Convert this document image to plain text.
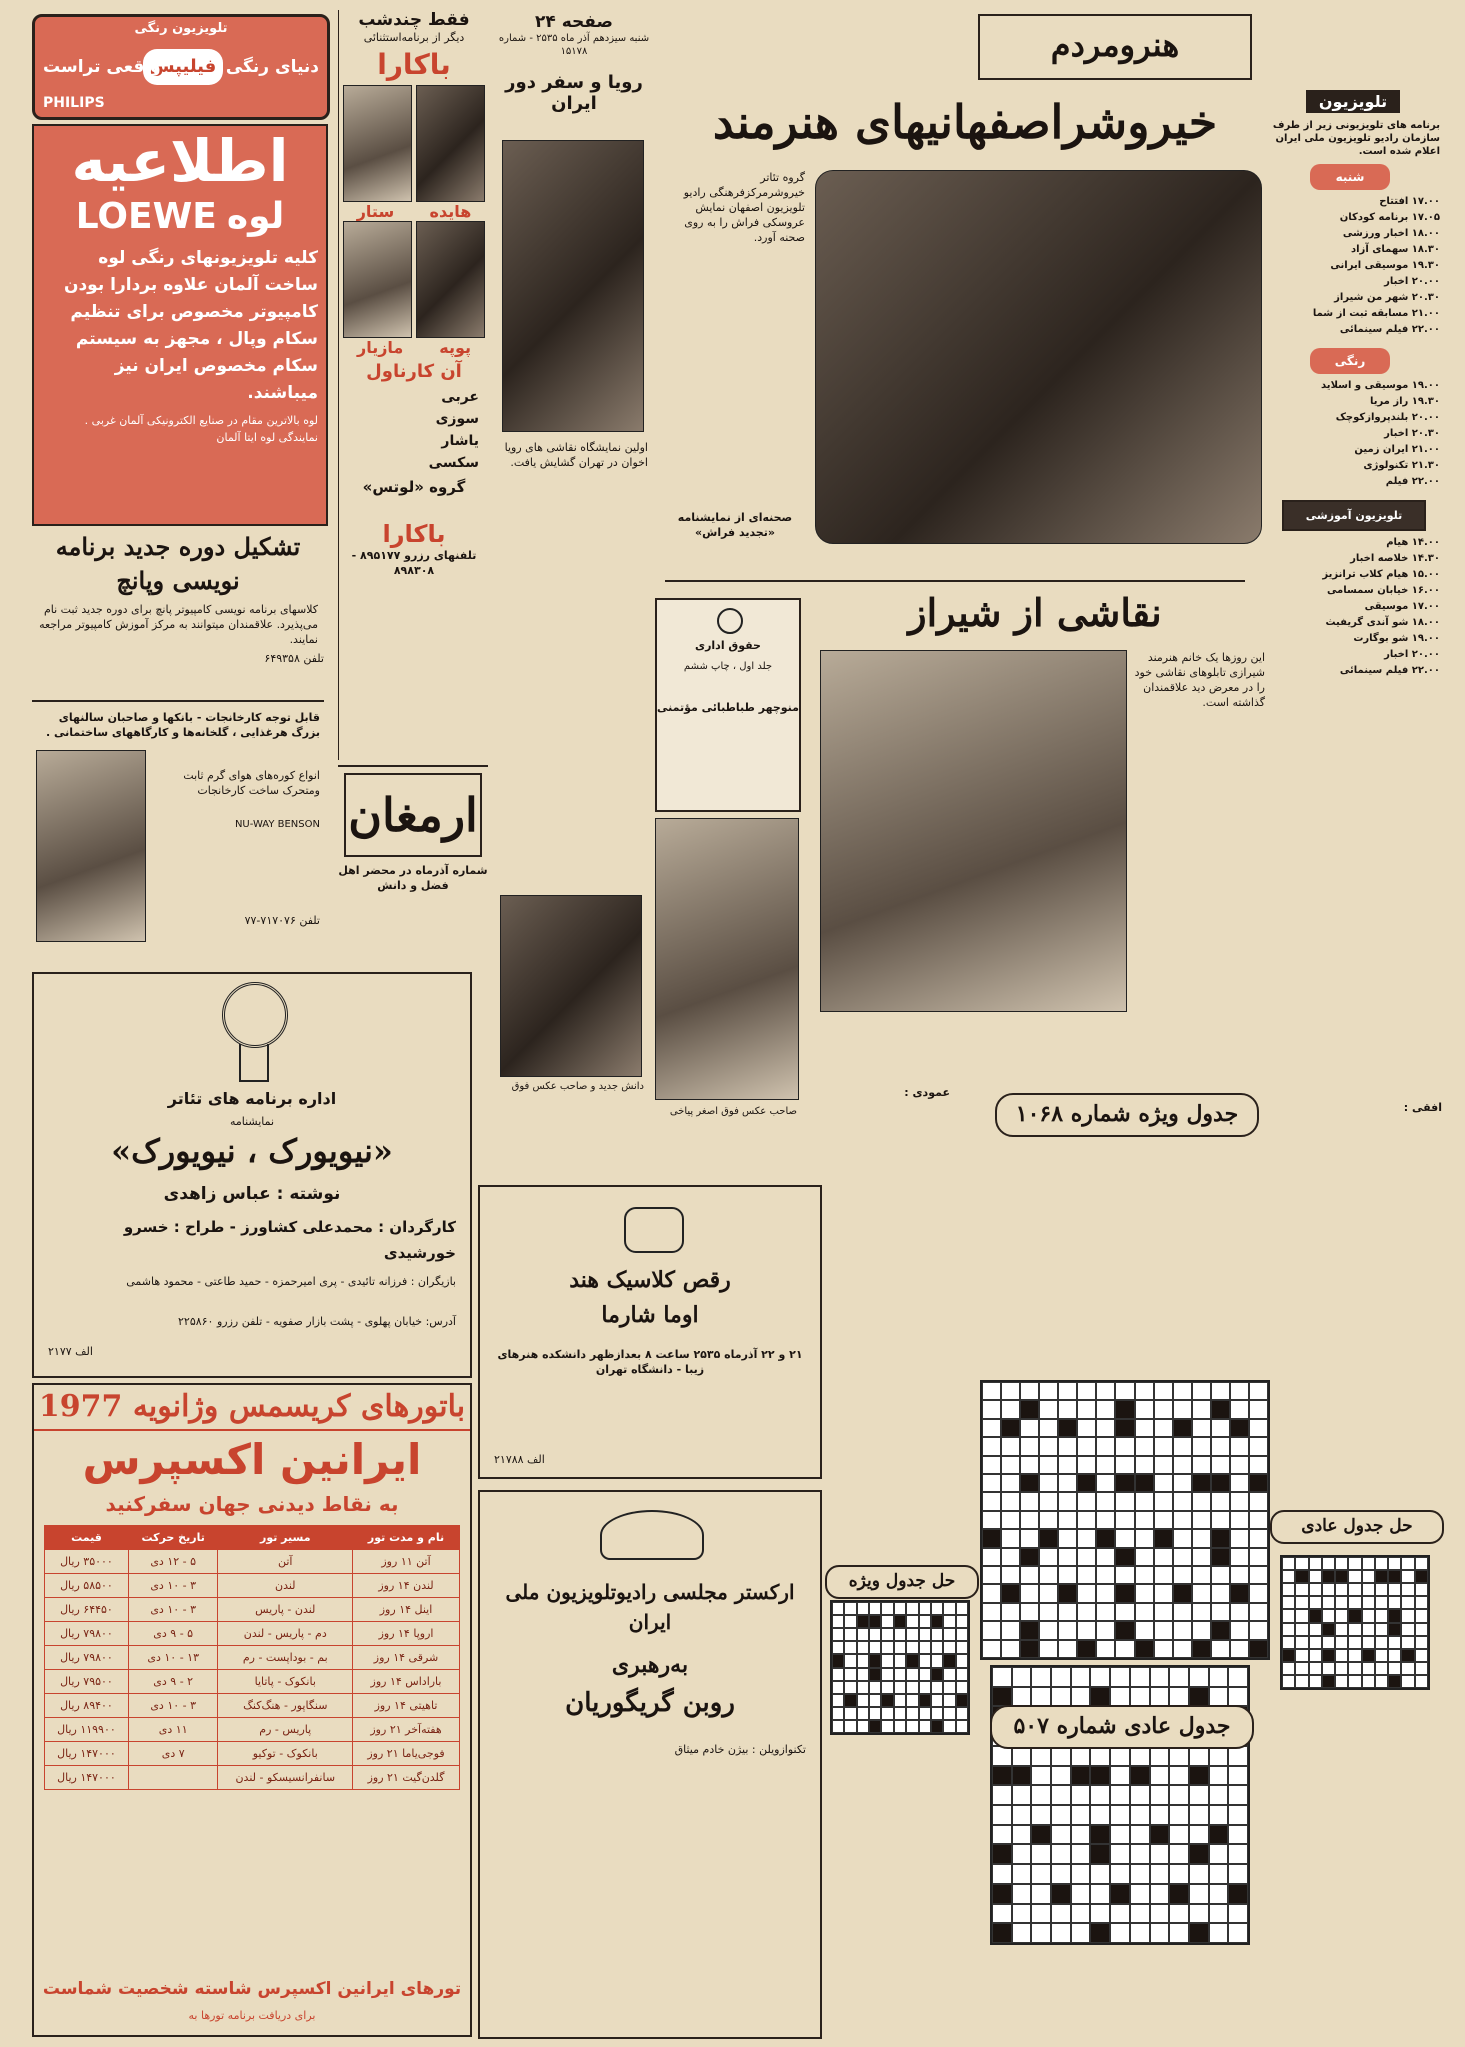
تلویزیون رنگی
دنیای رنگی
فیلیپس
واقعی تراست
PHILIPS
اطلاعیه
لوه
LOEWE
کلیه تلویزیونهای رنگی لوه ساخت آلمان علاوه بردارا بودن کامپیوتر مخصوص برای تنظیم سکام وپال ، مجهز به سیستم سکام مخصوص ایران نیز میباشند.
لوه بالاترین مقام در صنایع الکترونیکی آلمان غربی .
نمایندگی لوه ایتا آلمان
تشکیل دوره جدید برنامه نویسی وپانچ
کلاسهای برنامه نویسی کامپیوتر پانچ برای دوره جدید ثبت نام می‌پذیرد. علاقمندان میتوانند به مرکز آموزش کامپیوتر مراجعه نمایند.
تلفن ۶۴۹۳۵۸
قابل توجه کارخانجات - بانکها و صاحبان سالنهای بزرگ هرغذایی ، گلخانه‌ها و کارگاههای ساختمانی .
انواع کوره‌های هوای گرم ثابت ومتحرک ساخت کارخانجات
NU-WAY BENSON
تلفن ۷۱۷۰۷۶-۷۷
اداره برنامه های تئاتر
نمایشنامه
«نیویورک ، نیویورک»
نوشته : عباس زاهدی
کارگردان : محمدعلی کشاورز - طراح : خسرو خورشیدی
بازیگران : فرزانه تائیدی - پری امیرحمزه - حمید طاعتی - محمود هاشمی
آدرس: خیابان پهلوی - پشت بازار صفویه - تلفن رزرو ۲۲۵۸۶۰
الف ۲۱۷۷
باتورهای کریسمس وژانویه 1977
ایرانین اکسپرس
به نقاط دیدنی جهان سفرکنید
نام و مدت تور	مسیر تور	تاریخ حرکت	قیمت
آتن ۱۱ روز	آتن	۵ - ۱۲ دی	۳۵۰۰۰ ریال
لندن ۱۴ روز	لندن	۳ - ۱۰ دی	۵۸۵۰۰ ریال
اینل ۱۴ روز	لندن - پاریس	۳ - ۱۰ دی	۶۴۴۵۰ ریال
اروپا ۱۴ روز	دم - پاریس - لندن	۵ - ۹ دی	۷۹۸۰۰ ریال
شرقی ۱۴ روز	بم - بوداپست - رم	۱۳ - ۱۰ دی	۷۹۸۰۰ ریال
باراداس ۱۴ روز	بانکوک - پاتایا	۲ - ۹ دی	۷۹۵۰۰ ریال
تاهیتی ۱۴ روز	سنگاپور - هنگ‌کنگ	۳ - ۱۰ دی	۸۹۴۰۰ ریال
هفته‌آخر ۲۱ روز	پاریس - رم	۱۱ دی	۱۱۹۹۰۰ ریال
فوجی‌یاما ۲۱ روز	بانکوک - توکیو	۷ دی	۱۴۷۰۰۰ ریال
گلدن‌گیت ۲۱ روز	سانفرانسیسکو - لندن		۱۴۷۰۰۰ ریال
تورهای ایرانین اکسپرس شاسته شخصیت شماست
برای دریافت برنامه تورها به
فقط چندشب
دیگر از برنامه‌استثنائی
باکارا
هایده
ستار
پوپه
مازیار
آن کارناول
عربی
سوزی
یاشار
سکسی
گروه «لوتس»
باکارا
تلفنهای رزرو ۸۹۵۱۷۷ - ۸۹۸۳۰۸
ارمغان
شماره آذرماه در محضر اهل فضل و دانش
صفحه ۲۴
شنبه سیزدهم آذر ماه ۲۵۳۵ - شماره ۱۵۱۷۸
رویا و سفر دور ایران
اولین نمایشگاه نقاشی های رویا اخوان در تهران گشایش یافت.
دانش جدید و صاحب عکس فوق
رقص کلاسیک هند
اوما شارما
۲۱ و ۲۲ آذرماه ۲۵۳۵ ساعت ۸ بعدازظهر دانشکده هنرهای زیبا - دانشگاه تهران
الف ۲۱۷۸۸
ارکستر مجلسی رادیوتلویزیون ملی ایران
به‌رهبری
روبن گریگوریان
تکنوازویلن : بیژن خادم میثاق
حقوق اداری
جلد اول ، چاپ ششم
منوچهر طباطبائی مؤتمنی
صاحب عکس فوق اصغر پیاخی
هنرومردم
خیروشراصفهانیهای هنرمند
گروه تئاتر خیروشرمرکزفرهنگی رادیو تلویزیون اصفهان نمایش عروسکی فراش را به روی صحنه آورد.
صحنه‌ای از نمایشنامه «تجدید فراش»
نقاشی از شیراز
این روزها یک خانم هنرمند شیرازی تابلوهای نقاشی خود را در معرض دید علاقمندان گذاشته است.
تلویزیون
برنامه های تلویزیونی زیر از طرف سازمان رادیو تلویزیون ملی ایران اعلام شده است.
شنبه
۱۷.۰۰ افتتاح
۱۷.۰۵ برنامه کودکان
۱۸.۰۰ اخبار ورزشی
۱۸.۳۰ سهمای آزاد
۱۹.۳۰ موسیقی ایرانی
۲۰.۰۰ اخبار
۲۰.۳۰ شهر من شیراز
۲۱.۰۰ مسابقه ثبت از شما
۲۲.۰۰ فیلم سینمائی
رنگی
۱۹.۰۰ موسیقی و اسلاید
۱۹.۳۰ راز مریا
۲۰.۰۰ بلندپروازکوچک
۲۰.۳۰ اخبار
۲۱.۰۰ ایران زمین
۲۱.۳۰ تکنولوژی
۲۲.۰۰ فیلم
تلویزیون آموزشی
۱۴.۰۰ هیام
۱۴.۳۰ خلاصه اخبار
۱۵.۰۰ هیام کلاب ترانزیز
۱۶.۰۰ خیابان سمسامی
۱۷.۰۰ موسیقی
۱۸.۰۰ شو آندی گریفیث
۱۹.۰۰ شو بوگارت
۲۰.۰۰ اخبار
۲۲.۰۰ فیلم سینمائی
عمودی :
جدول ویژه شماره ۱۰۶۸	افقی :
حل جدول عادی
حل جدول ویژه
جدول عادی شماره ۵۰۷
